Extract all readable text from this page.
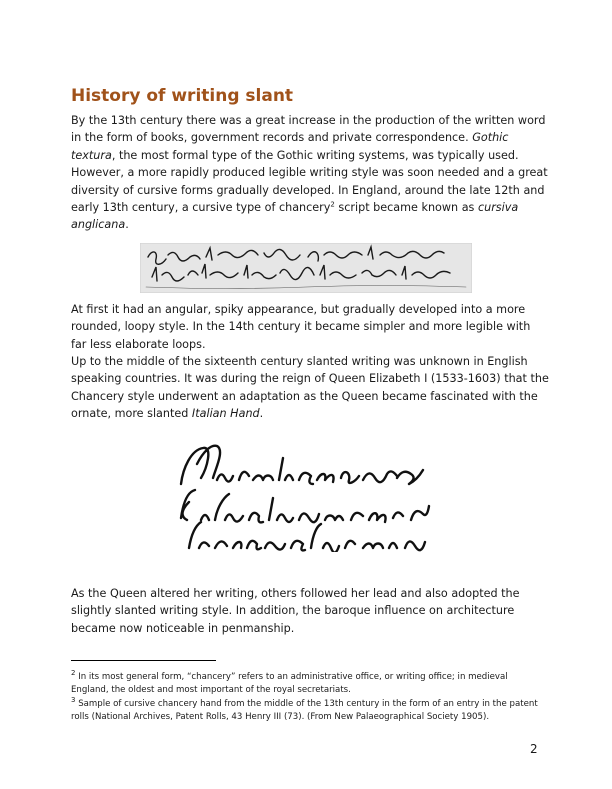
History of writing slant

By the 13th century there was a great increase in the production of the written word in the form of books, government records and private correspondence. Gothic textura, the most formal type of the Gothic writing systems, was typically used. However, a more rapidly produced legible writing style was soon needed and a great diversity of cursive forms gradually developed. In England, around the late 12th and early 13th century, a cursive type of chancery$^2$ script became known as cursiva anglicana.

At first it had an angular, spiky appearance, but gradually developed into a more rounded, loopy style. In the 14th century it became simpler and more legible with far less elaborate loops.

Up to the middle of the sixteenth century slanted writing was unknown in English speaking countries. It was during the reign of Queen Elizabeth I (1533-1603) that the Chancery style underwent an adaptation as the Queen became fascinated with the ornate, more slanted Italian Hand.

As the Queen altered her writing, others followed her lead and also adopted the slightly slanted writing style. In addition, the baroque influence on architecture became now noticeable in penmanship.

$^2$ In its most general form, “chancery” refers to an administrative office, or writing office; in medieval England, the oldest and most important of the royal secretariats.

$^3$ Sample of cursive chancery hand from the middle of the 13th century in the form of an entry in the patent rolls (National Archives, Patent Rolls, 43 Henry III (73). (From New Palaeographical Society 1905).

2
